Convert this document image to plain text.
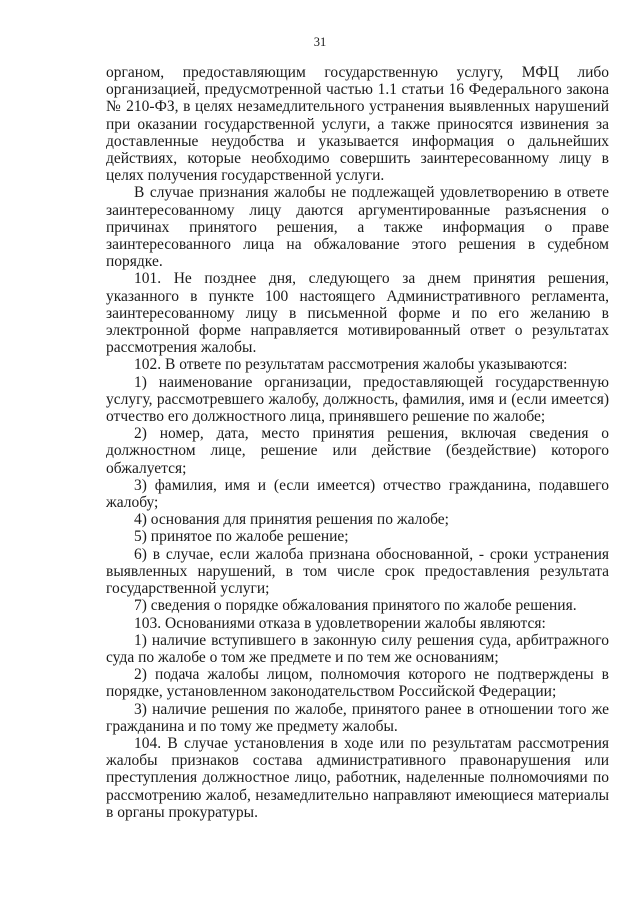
31

органом, предоставляющим государственную услугу, МФЦ либо организацией, предусмотренной частью 1.1 статьи 16 Федерального закона № 210-ФЗ, в целях незамедлительного устранения выявленных нарушений при оказании государственной услуги, а также приносятся извинения за доставленные неудобства и указывается информация о дальнейших действиях, которые необходимо совершить заинтересованному лицу в целях получения государственной услуги.

В случае признания жалобы не подлежащей удовлетворению в ответе заинтересованному лицу даются аргументированные разъяснения о причинах принятого решения, а также информация о праве заинтересованного лица на обжалование этого решения в судебном порядке.

101. Не позднее дня, следующего за днем принятия решения, указанного в пункте 100 настоящего Административного регламента, заинтересованному лицу в письменной форме и по его желанию в электронной форме направляется мотивированный ответ о результатах рассмотрения жалобы.

102. В ответе по результатам рассмотрения жалобы указываются:

1) наименование организации, предоставляющей государственную услугу, рассмотревшего жалобу, должность, фамилия, имя и (если имеется) отчество его должностного лица, принявшего решение по жалобе;

2) номер, дата, место принятия решения, включая сведения о должностном лице, решение или действие (бездействие) которого обжалуется;

3) фамилия, имя и (если имеется) отчество гражданина, подавшего жалобу;

4) основания для принятия решения по жалобе;

5) принятое по жалобе решение;

6) в случае, если жалоба признана обоснованной, - сроки устранения выявленных нарушений, в том числе срок предоставления результата государственной услуги;

7) сведения о порядке обжалования принятого по жалобе решения.

103. Основаниями отказа в удовлетворении жалобы являются:

1) наличие вступившего в законную силу решения суда, арбитражного суда по жалобе о том же предмете и по тем же основаниям;

2) подача жалобы лицом, полномочия которого не подтверждены в порядке, установленном законодательством Российской Федерации;

3) наличие решения по жалобе, принятого ранее в отношении того же гражданина и по тому же предмету жалобы.

104. В случае установления в ходе или по результатам рассмотрения жалобы признаков состава административного правонарушения или преступления должностное лицо, работник, наделенные полномочиями по рассмотрению жалоб, незамедлительно направляют имеющиеся материалы в органы прокуратуры.
